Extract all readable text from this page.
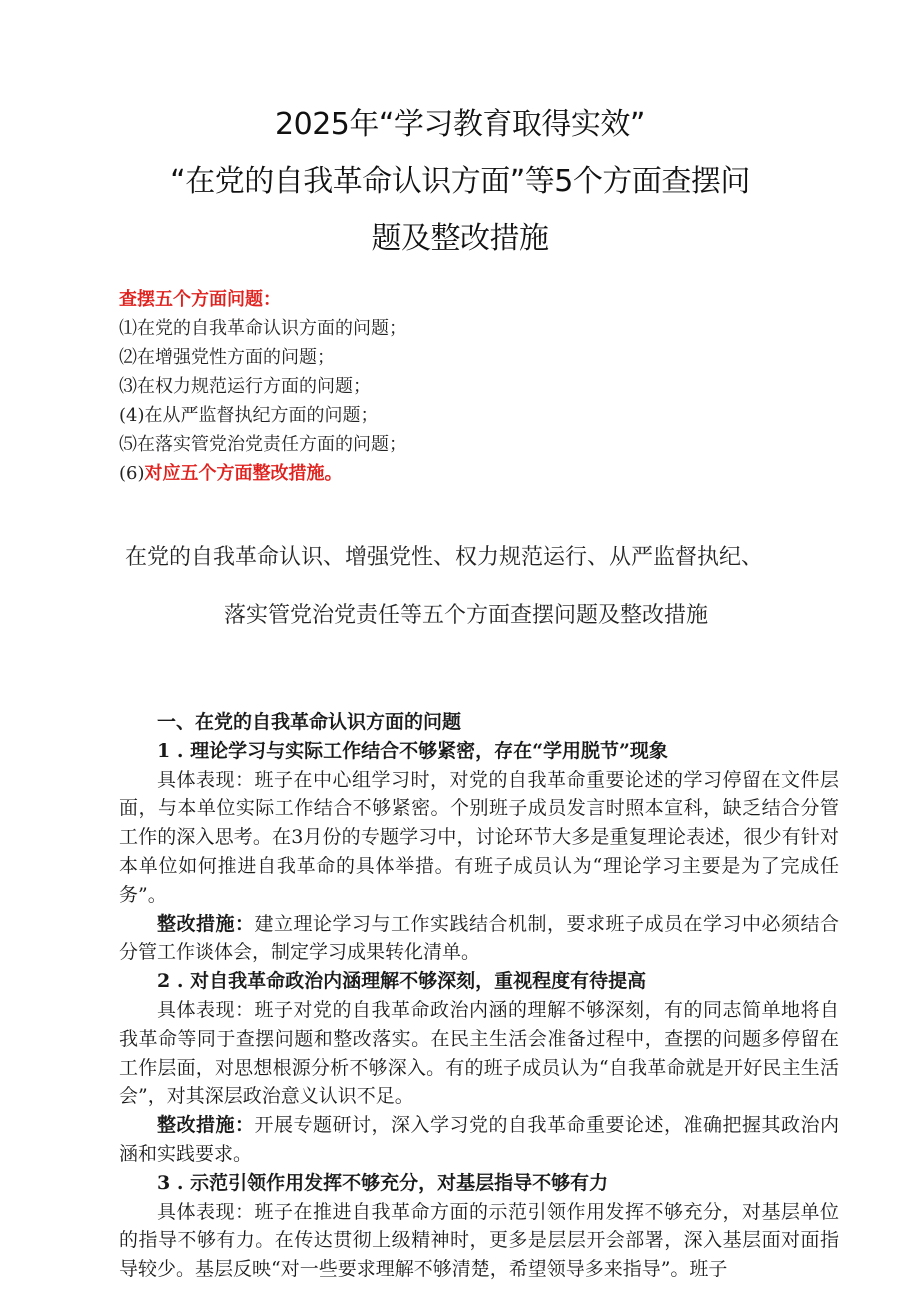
2025年“学习教育取得实效”
“在党的自我革命认识方面”等5个方面查摆问
题及整改措施
查摆五个方面问题：
⑴在党的自我革命认识方面的问题；
⑵在增强党性方面的问题；
⑶在权力规范运行方面的问题；
(4)在从严监督执纪方面的问题；
⑸在落实管党治党责任方面的问题；
(6)对应五个方面整改措施。
在党的自我革命认识、增强党性、权力规范运行、从严监督执纪、
落实管党治党责任等五个方面查摆问题及整改措施

一、在党的自我革命认识方面的问题

1 . 理论学习与实际工作结合不够紧密，存在“学用脱节”现象

具体表现：班子在中心组学习时，对党的自我革命重要论述的学习停留在文件层面，与本单位实际工作结合不够紧密。个别班子成员发言时照本宣科，缺乏结合分管工作的深入思考。在3月份的专题学习中，讨论环节大多是重复理论表述，很少有针对本单位如何推进自我革命的具体举措。有班子成员认为“理论学习主要是为了完成任务”。

整改措施：建立理论学习与工作实践结合机制，要求班子成员在学习中必须结合分管工作谈体会，制定学习成果转化清单。

2 . 对自我革命政治内涵理解不够深刻，重视程度有待提高

具体表现：班子对党的自我革命政治内涵的理解不够深刻，有的同志简单地将自我革命等同于查摆问题和整改落实。在民主生活会准备过程中，查摆的问题多停留在工作层面，对思想根源分析不够深入。有的班子成员认为“自我革命就是开好民主生活会”，对其深层政治意义认识不足。

整改措施：开展专题研讨，深入学习党的自我革命重要论述，准确把握其政治内涵和实践要求。

3 . 示范引领作用发挥不够充分，对基层指导不够有力

具体表现：班子在推进自我革命方面的示范引领作用发挥不够充分，对基层单位的指导不够有力。在传达贯彻上级精神时，更多是层层开会部署，深入基层面对面指导较少。基层反映“对一些要求理解不够清楚，希望领导多来指导”。班子
